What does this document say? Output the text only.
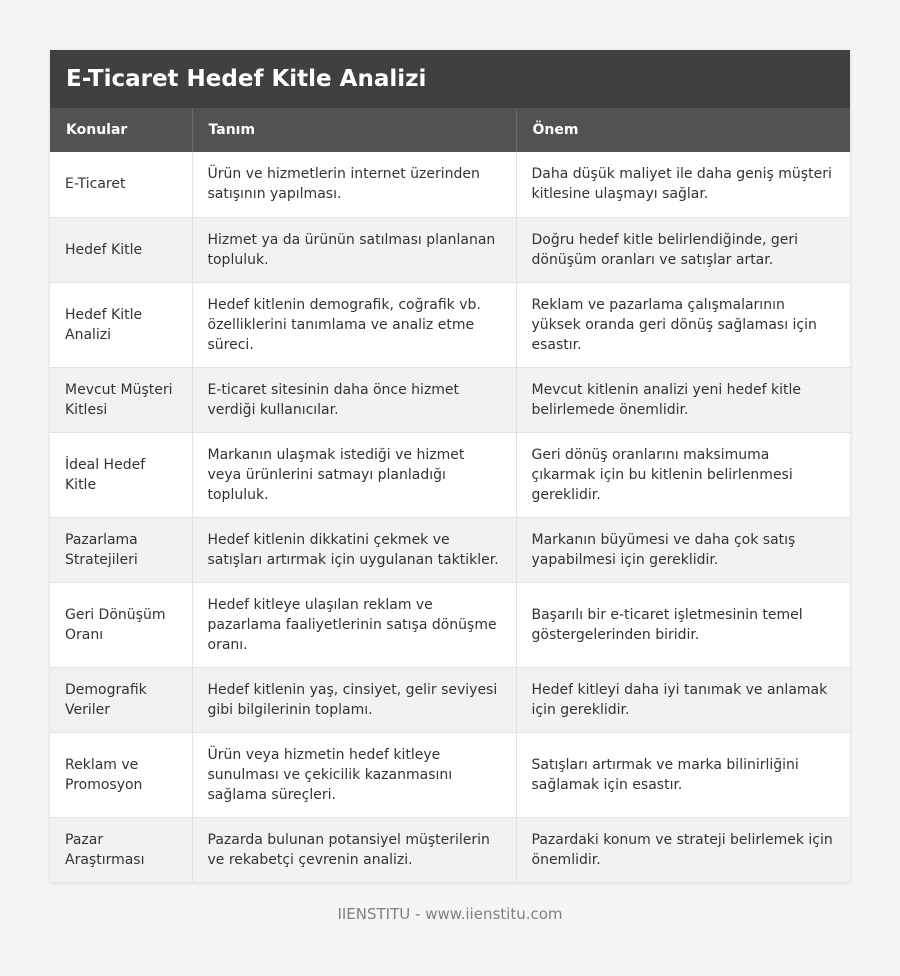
E-Ticaret Hedef Kitle Analizi
Konular	Tanım	Önem
E-Ticaret	Ürün ve hizmetlerin internet üzerinden satışının yapılması.	Daha düşük maliyet ile daha geniş müşteri kitlesine ulaşmayı sağlar.
Hedef Kitle	Hizmet ya da ürünün satılması planlanan topluluk.	Doğru hedef kitle belirlendiğinde, geri dönüşüm oranları ve satışlar artar.
Hedef Kitle Analizi	Hedef kitlenin demografik, coğrafik vb. özelliklerini tanımlama ve analiz etme süreci.	Reklam ve pazarlama çalışmalarının yüksek oranda geri dönüş sağlaması için esastır.
Mevcut Müşteri Kitlesi	E-ticaret sitesinin daha önce hizmet verdiği kullanıcılar.	Mevcut kitlenin analizi yeni hedef kitle belirlemede önemlidir.
İdeal Hedef Kitle	Markanın ulaşmak istediği ve hizmet veya ürünlerini satmayı planladığı topluluk.	Geri dönüş oranlarını maksimuma çıkarmak için bu kitlenin belirlenmesi gereklidir.
Pazarlama Stratejileri	Hedef kitlenin dikkatini çekmek ve satışları artırmak için uygulanan taktikler.	Markanın büyümesi ve daha çok satış yapabilmesi için gereklidir.
Geri Dönüşüm Oranı	Hedef kitleye ulaşılan reklam ve pazarlama faaliyetlerinin satışa dönüşme oranı.	Başarılı bir e-ticaret işletmesinin temel göstergelerinden biridir.
Demografik Veriler	Hedef kitlenin yaş, cinsiyet, gelir seviyesi gibi bilgilerinin toplamı.	Hedef kitleyi daha iyi tanımak ve anlamak için gereklidir.
Reklam ve Promosyon	Ürün veya hizmetin hedef kitleye sunulması ve çekicilik kazanmasını sağlama süreçleri.	Satışları artırmak ve marka bilinirliğini sağlamak için esastır.
Pazar Araştırması	Pazarda bulunan potansiyel müşterilerin ve rekabetçi çevrenin analizi.	Pazardaki konum ve strateji belirlemek için önemlidir.
IIENSTITU - www.iienstitu.com
